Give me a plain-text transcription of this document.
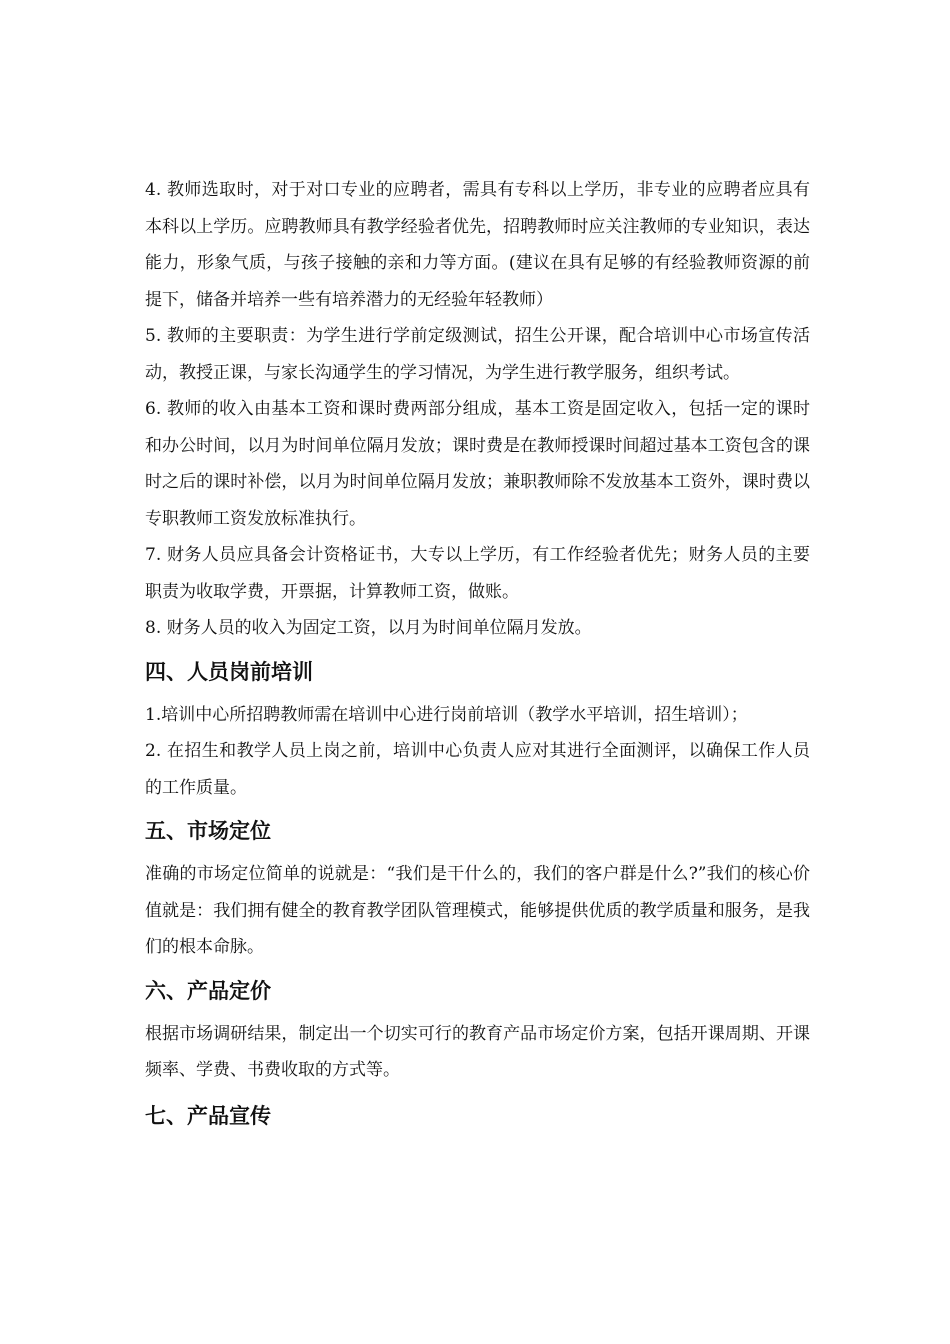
4. 教师选取时，对于对口专业的应聘者，需具有专科以上学历，非专业的应聘者应具有本科以上学历。应聘教师具有教学经验者优先，招聘教师时应关注教师的专业知识，表达能力，形象气质，与孩子接触的亲和力等方面。(建议在具有足够的有经验教师资源的前提下，储备并培养一些有培养潜力的无经验年轻教师）

5. 教师的主要职责：为学生进行学前定级测试，招生公开课，配合培训中心市场宣传活动，教授正课，与家长沟通学生的学习情况，为学生进行教学服务，组织考试。

6. 教师的收入由基本工资和课时费两部分组成，基本工资是固定收入，包括一定的课时和办公时间，以月为时间单位隔月发放；课时费是在教师授课时间超过基本工资包含的课时之后的课时补偿，以月为时间单位隔月发放；兼职教师除不发放基本工资外，课时费以专职教师工资发放标准执行。

7. 财务人员应具备会计资格证书，大专以上学历，有工作经验者优先；财务人员的主要职责为收取学费，开票据，计算教师工资，做账。

8. 财务人员的收入为固定工资，以月为时间单位隔月发放。

四、人员岗前培训

1.培训中心所招聘教师需在培训中心进行岗前培训（教学水平培训，招生培训）；

2. 在招生和教学人员上岗之前，培训中心负责人应对其进行全面测评，以确保工作人员的工作质量。

五、市场定位

准确的市场定位简单的说就是：“我们是干什么的，我们的客户群是什么?”我们的核心价值就是：我们拥有健全的教育教学团队管理模式，能够提供优质的教学质量和服务，是我们的根本命脉。

六、产品定价

根据市场调研结果，制定出一个切实可行的教育产品市场定价方案，包括开课周期、开课频率、学费、书费收取的方式等。

七、产品宣传
